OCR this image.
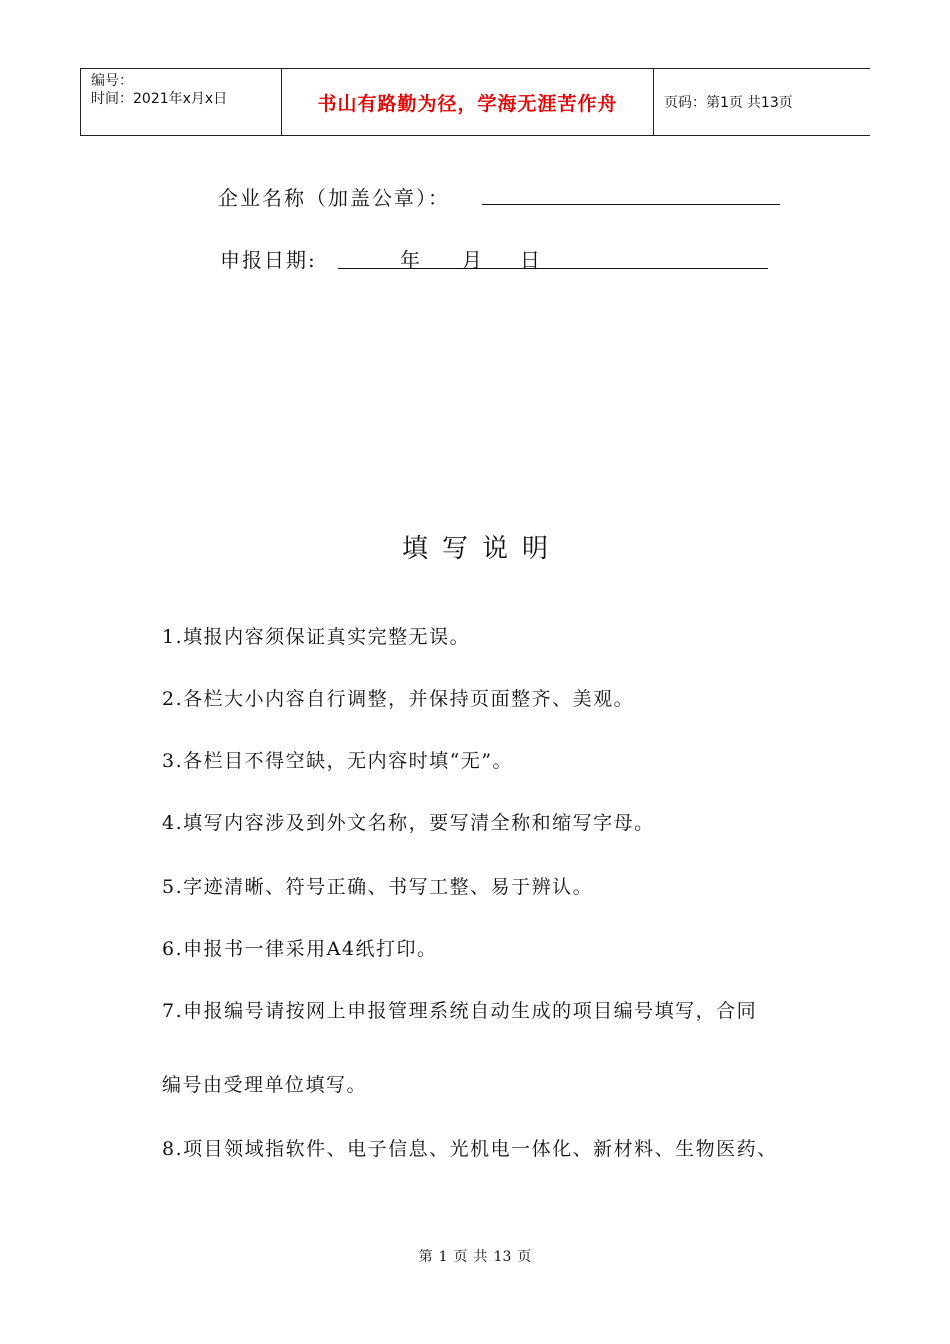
编号：
时间：2021年x月x日	书山有路勤为径，学海无涯苦作舟	页码：第1页 共13页
企业名称（加盖公章）：
申报日期:	年 月 日
填写说明
1.填报内容须保证真实完整无误。
2.各栏大小内容自行调整，并保持页面整齐、美观。
3.各栏目不得空缺，无内容时填“无”。
4.填写内容涉及到外文名称，要写清全称和缩写字母。
5.字迹清晰、符号正确、书写工整、易于辨认。
6.申报书一律采用A4纸打印。
7.申报编号请按网上申报管理系统自动生成的项目编号填写，合同
编号由受理单位填写。
8.项目领域指软件、电子信息、光机电一体化、新材料、生物医药、
第 1 页 共 13 页
